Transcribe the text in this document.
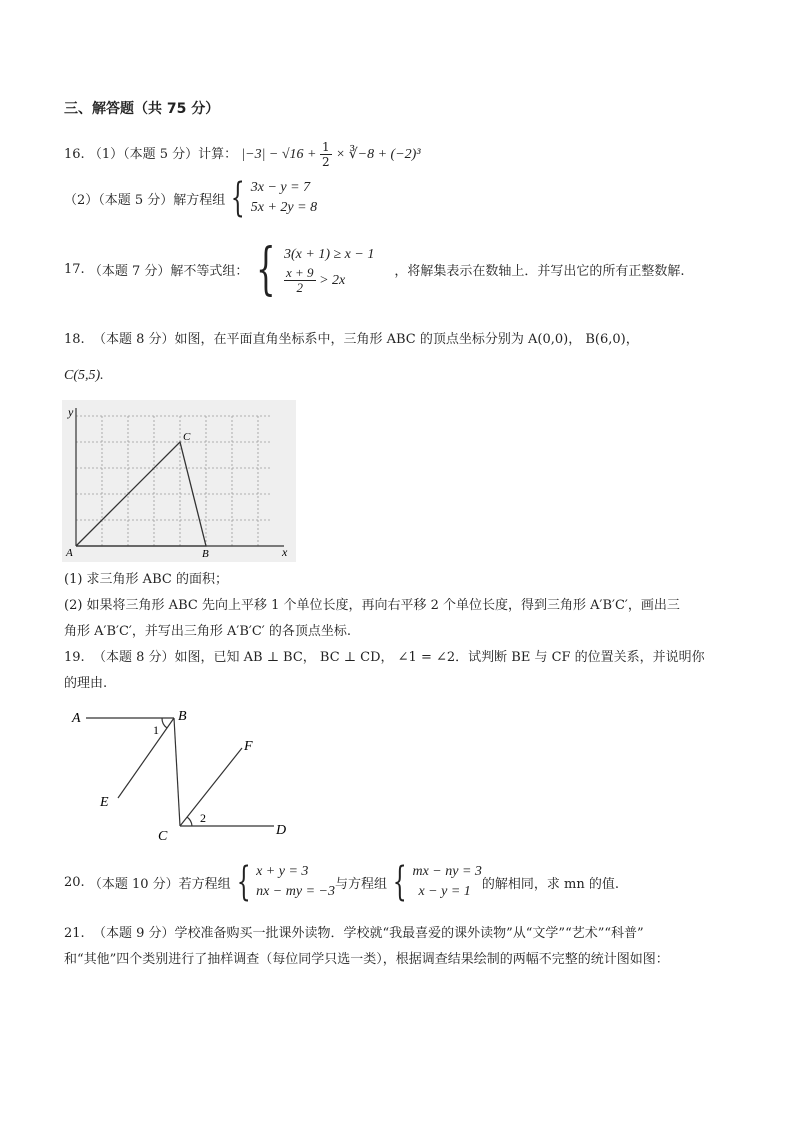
三、解答题（共 75 分）
16. （1）（本题 5 分）计算： $|-3| - √16 + \frac{1}{2}$ × ∛−8 + (−2)³
（2）（本题 5 分）解方程组 { 3x − y = 7
5x + 2y = 8
17.
（本题 7 分）解不等式组： { 3(x + 1) ≥ x − 1
$\frac{x + 9}{2}$
> 2x
，将解集表示在数轴上．并写出它的所有正整数解.
18. （本题 8 分）如图，在平面直角坐标系中，三角形 ABC 的顶点坐标分别为 A(0,0)， B(6,0)，
C(5,5).
y
x
A	B
C
(1) 求三角形 ABC 的面积；
(2) 如果将三角形 ABC 先向上平移 1 个单位长度，再向右平移 2 个单位长度，得到三角形 A′B′C′，画出三
角形 A′B′C′，并写出三角形 A′B′C′ 的各顶点坐标.
19. （本题 8 分）如图，已知 AB ⊥ BC， BC ⊥ CD， ∠1 = ∠2．试判断 BE 与 CF 的位置关系，并说明你
的理由.
A	B
C	D
E
F
1
2
20.
（本题 10 分）若方程组 { x + y = 3
nx − my = −3 与方程组 { mx − ny = 3
x − y = 1 的解相同，求 mn 的值.
21. （本题 9 分）学校准备购买一批课外读物．学校就“我最喜爱的课外读物”从“文学”“艺术”“科普”
和“其他”四个类别进行了抽样调查（每位同学只选一类），根据调查结果绘制的两幅不完整的统计图如图：
